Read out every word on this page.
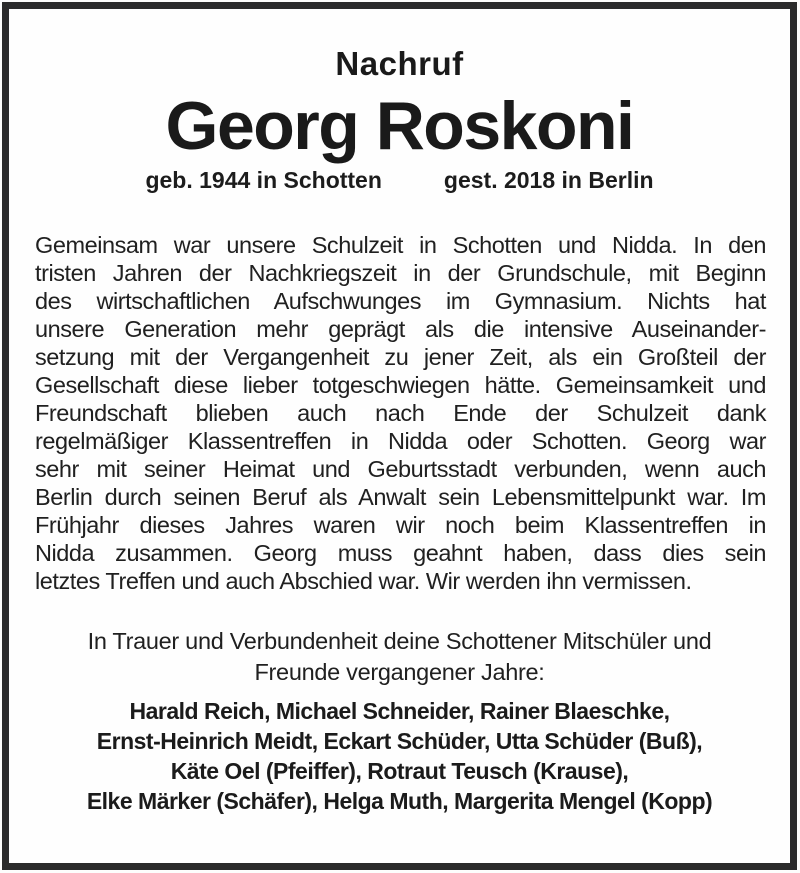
Nachruf
Georg Roskoni
geb. 1944 in Schotten	gest. 2018 in Berlin
Gemeinsam war unsere Schulzeit in Schotten und Nidda. In den
tristen Jahren der Nachkriegszeit in der Grundschule, mit Beginn
des wirtschaftlichen Aufschwunges im Gymnasium. Nichts hat
unsere Generation mehr geprägt als die intensive Auseinander-
setzung mit der Vergangenheit zu jener Zeit, als ein Großteil der
Gesellschaft diese lieber totgeschwiegen hätte. Gemeinsamkeit und
Freundschaft blieben auch nach Ende der Schulzeit dank
regelmäßiger Klassentreffen in Nidda oder Schotten. Georg war
sehr mit seiner Heimat und Geburtsstadt verbunden, wenn auch
Berlin durch seinen Beruf als Anwalt sein Lebensmittelpunkt war. Im
Frühjahr dieses Jahres waren wir noch beim Klassentreffen in
Nidda zusammen. Georg muss geahnt haben, dass dies sein
letztes Treffen und auch Abschied war. Wir werden ihn vermissen.
In Trauer und Verbundenheit deine Schottener Mitschüler und
Freunde vergangener Jahre:
Harald Reich, Michael Schneider, Rainer Blaeschke,
Ernst-Heinrich Meidt, Eckart Schüder, Utta Schüder (Buß),
Käte Oel (Pfeiffer), Rotraut Teusch (Krause),
Elke Märker (Schäfer), Helga Muth, Margerita Mengel (Kopp)
